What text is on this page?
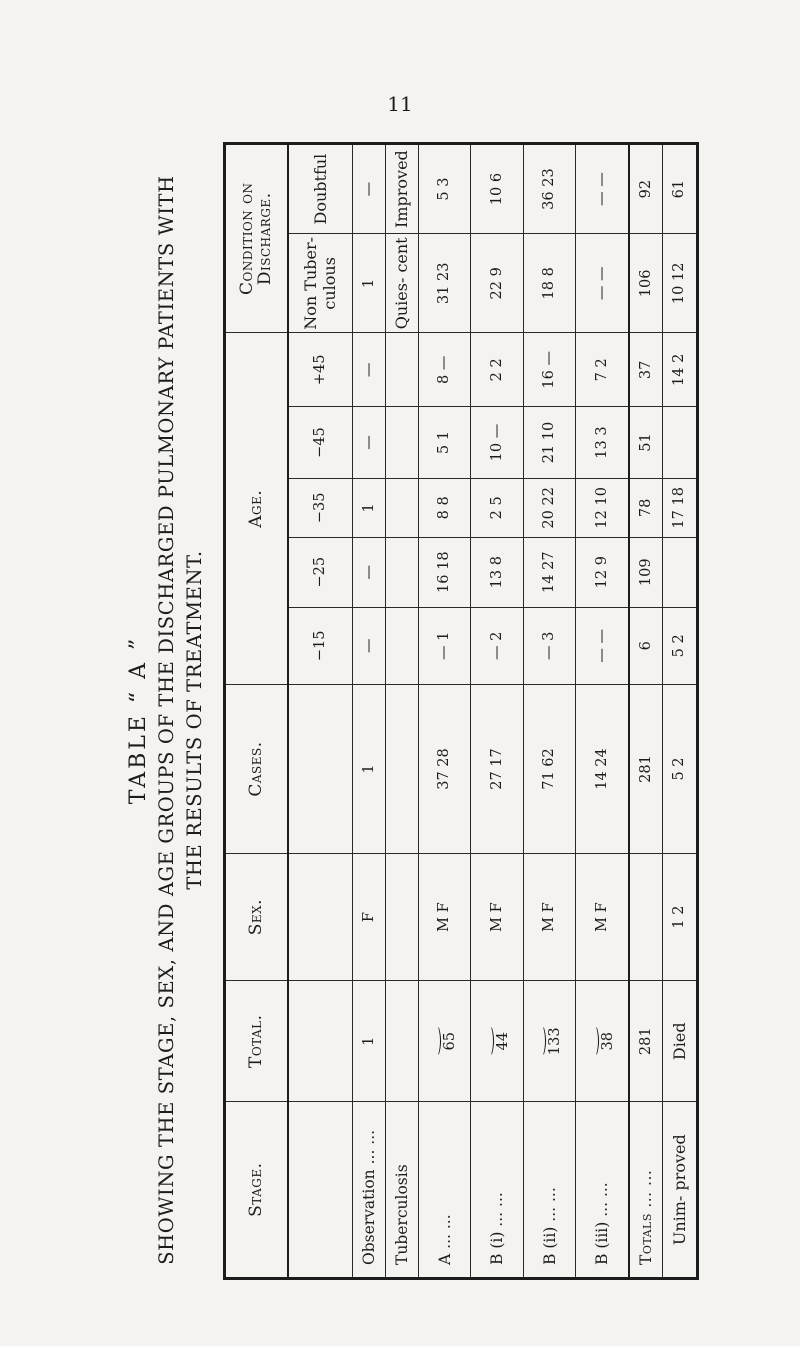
11
TABLE “ A ” SHOWING THE STAGE, SEX, AND AGE GROUPS OF THE DISCHARGED PULMONARY PATIENTS WITH THE RESULTS OF TREATMENT.
Stage.	Total.	Sex.	Cases.	Age.					Condition on Discharge.	
				−15	−25	−35	−45	+45	Non Tuber- culous	Doubtful
Observation ... ...	1	F	1	—	—	1	—	—	1	—
Tuberculosis									Quies- cent	Improved
A ... ...	⏝ 65	M F	37 28	— 1	16 18	8 8	5 1	8 —	31 23	5 3
B (i) ... ...	⏝ 44	M F	27 17	— 2	13 8	2 5	10 —	2 2	22 9	10 6
B (ii) ... ...	⏝ 133	M F	71 62	— 3	14 27	20 22	21 10	16 —	18 8	36 23
B (iii) ... ...	⏝ 38	M F	14 24	— —	12 9	12 10	13 3	7 2	— —	— —
Totals ... ...	281		281	6	109	78	51	37	106	92
Unim- proved	Died	1 2	5 2	5 2		17 18		14 2	10 12	61
